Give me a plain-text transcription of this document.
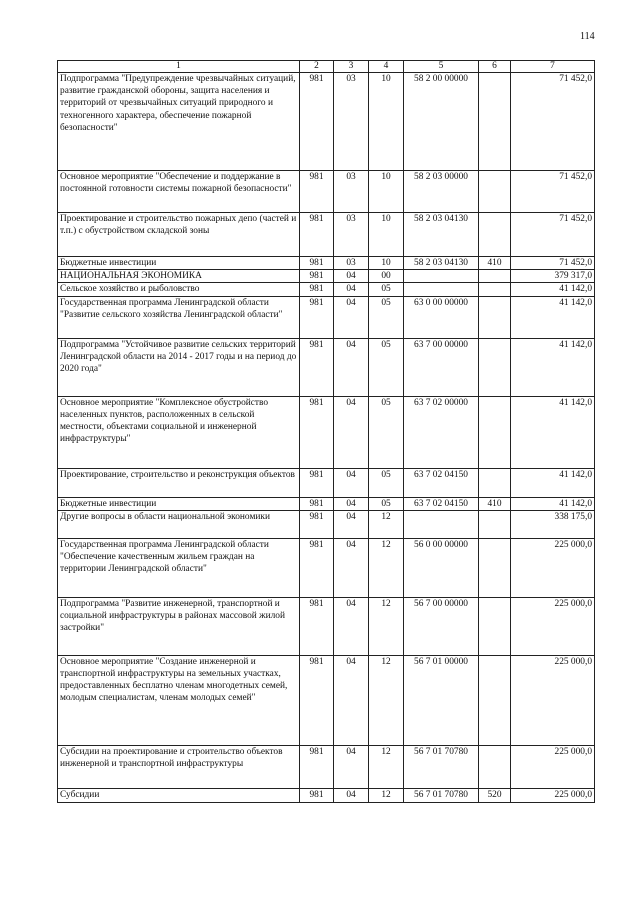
114
1	2	3	4	5	6	7
Подпрограмма "Предупреждение чрезвычайных ситуаций, развитие гражданской обороны, защита населения и территорий от чрезвычайных ситуаций природного и техногенного характера, обеспечение пожарной безопасности"	981	03	10	58 2 00 00000		71 452,0
Основное мероприятие "Обеспечение и поддержание в постоянной готовности системы пожарной безопасности"	981	03	10	58 2 03 00000		71 452,0
Проектирование и строительство пожарных депо (частей и т.п.) с обустройством складской зоны	981	03	10	58 2 03 04130		71 452,0
Бюджетные инвестиции	981	03	10	58 2 03 04130	410	71 452,0
НАЦИОНАЛЬНАЯ ЭКОНОМИКА	981	04	00			379 317,0
Сельское хозяйство и рыболовство	981	04	05			41 142,0
Государственная программа Ленинградской области "Развитие сельского хозяйства Ленинградской области"	981	04	05	63 0 00 00000		41 142,0
Подпрограмма "Устойчивое развитие сельских территорий Ленинградской области на 2014 - 2017 годы и на период до 2020 года"	981	04	05	63 7 00 00000		41 142,0
Основное мероприятие "Комплексное обустройство населенных пунктов, расположенных в сельской местности, объектами социальной и инженерной инфраструктуры"	981	04	05	63 7 02 00000		41 142,0
Проектирование, строительство и реконструкция объектов	981	04	05	63 7 02 04150		41 142,0
Бюджетные инвестиции	981	04	05	63 7 02 04150	410	41 142,0
Другие вопросы в области национальной экономики	981	04	12			338 175,0
Государственная программа Ленинградской области "Обеспечение качественным жильем граждан на территории Ленинградской области"	981	04	12	56 0 00 00000		225 000,0
Подпрограмма "Развитие инженерной, транспортной и социальной инфраструктуры в районах массовой жилой застройки"	981	04	12	56 7 00 00000		225 000,0
Основное мероприятие "Создание инженерной и транспортной инфраструктуры на земельных участках, предоставленных бесплатно членам многодетных семей, молодым специалистам, членам молодых семей"	981	04	12	56 7 01 00000		225 000,0
Субсидии на проектирование и строительство объектов инженерной и транспортной инфраструктуры	981	04	12	56 7 01 70780		225 000,0
Субсидии	981	04	12	56 7 01 70780	520	225 000,0
